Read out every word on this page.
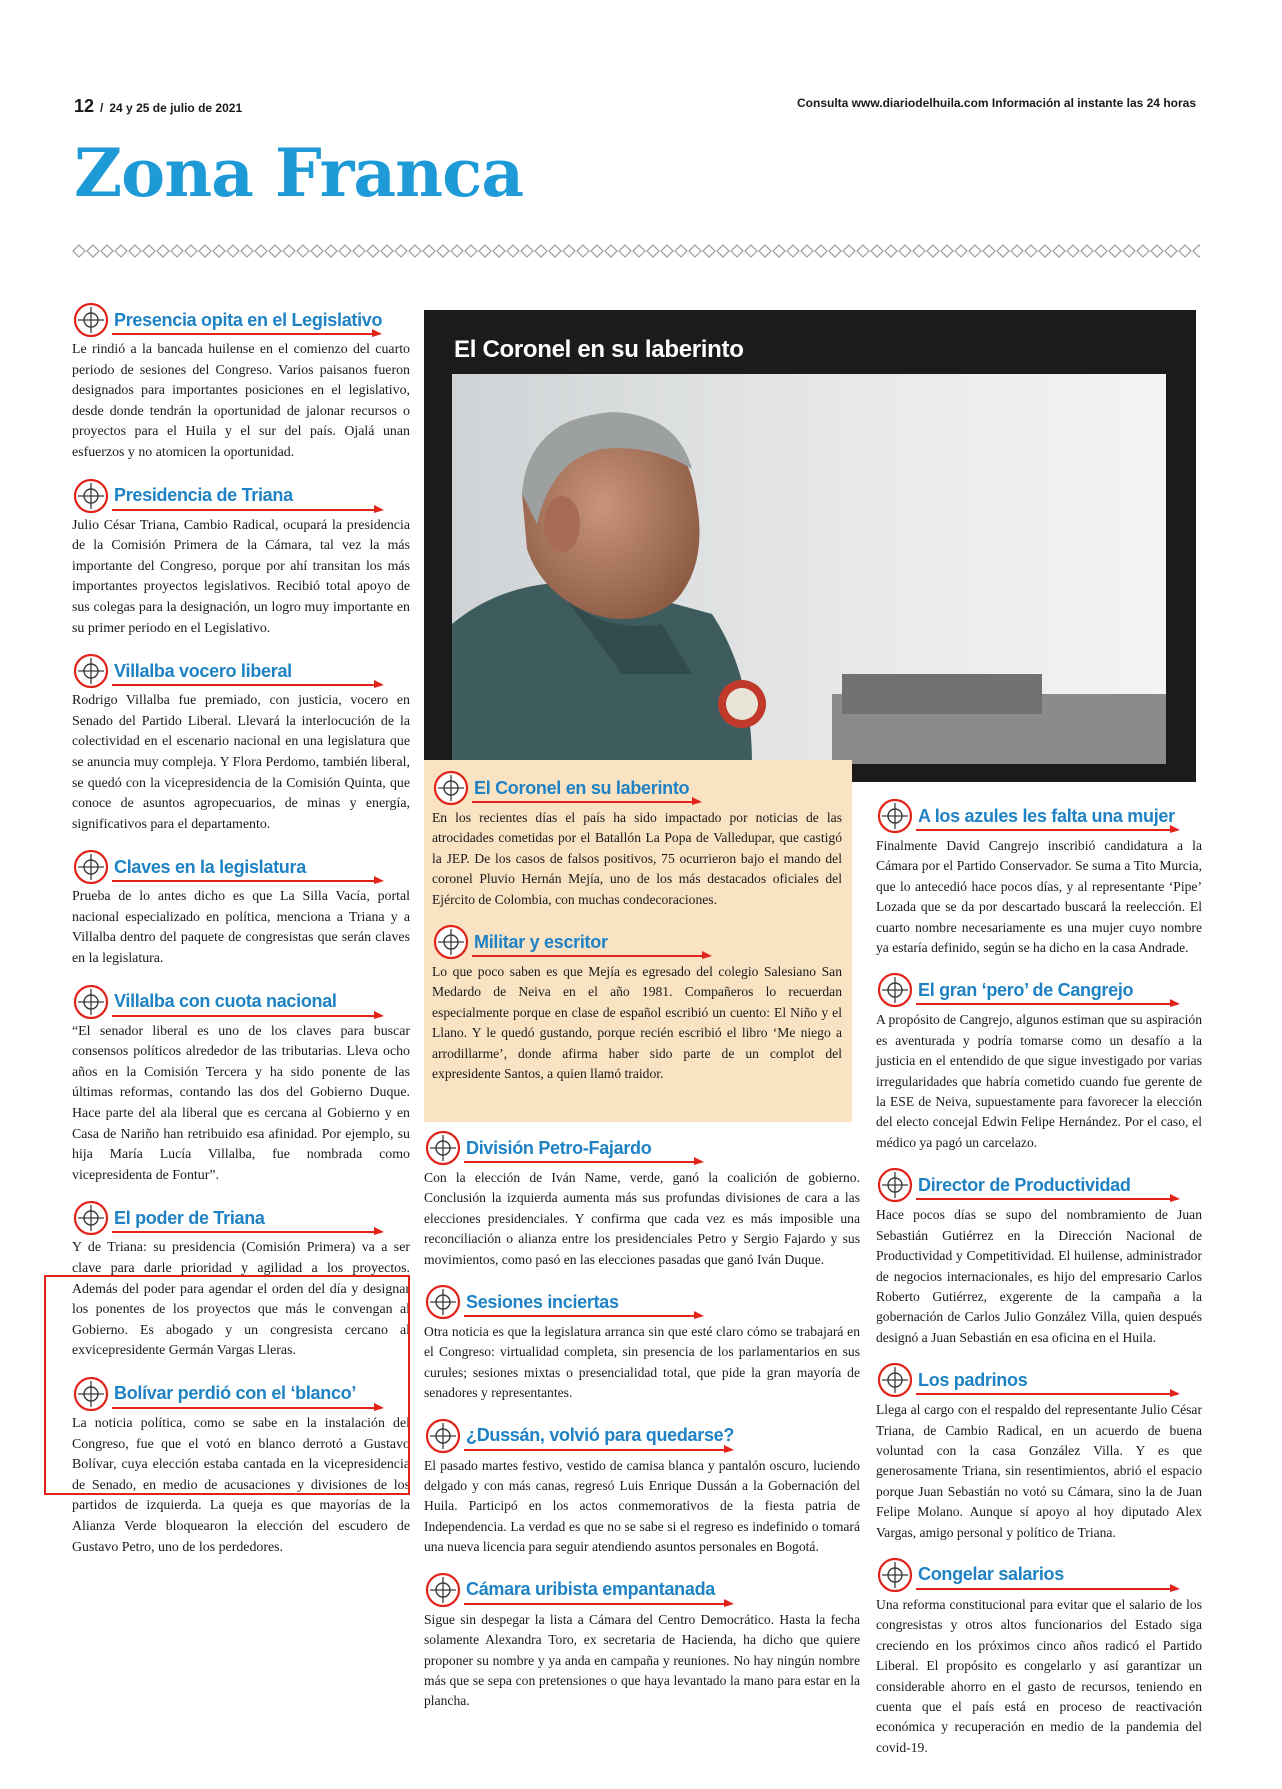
12 / 24 y 25 de julio de 2021	Consulta www.diariodelhuila.com Información al instante las 24 horas
Zona Franca
El Coronel en su laberinto
El Coronel en su laberinto

En los recientes días el país ha sido impactado por noticias de las atrocidades cometidas por el Batallón La Popa de Valledupar, que castigó la JEP. De los casos de falsos positivos, 75 ocurrieron bajo el mando del coronel Pluvio Hernán Mejía, uno de los más destacados oficiales del Ejército de Colombia, con muchas condecoraciones.

Militar y escritor

Lo que poco saben es que Mejía es egresado del colegio Salesiano San Medardo de Neiva en el año 1981. Compañeros lo recuerdan especialmente porque en clase de español escribió un cuento: El Niño y el Llano. Y le quedó gustando, porque recién escribió el libro ‘Me niego a arrodillarme’, donde afirma haber sido parte de un complot del expresidente Santos, a quien llamó traidor.

Presencia opita en el Legislativo

Le rindió a la bancada huilense en el comienzo del cuarto periodo de sesiones del Congreso. Varios paisanos fueron designados para importantes posiciones en el legislativo, desde donde tendrán la oportunidad de jalonar recursos o proyectos para el Huila y el sur del país. Ojalá unan esfuerzos y no atomicen la oportunidad.

Presidencia de Triana

Julio César Triana, Cambio Radical, ocupará la presidencia de la Comisión Primera de la Cámara, tal vez la más importante del Congreso, porque por ahí transitan los más importantes proyectos legislativos. Recibió total apoyo de sus colegas para la designación, un logro muy importante en su primer periodo en el Legislativo.

Villalba vocero liberal

Rodrigo Villalba fue premiado, con justicia, vocero en Senado del Partido Liberal. Llevará la interlocución de la colectividad en el escenario nacional en una legislatura que se anuncia muy compleja. Y Flora Perdomo, también liberal, se quedó con la vicepresidencia de la Comisión Quinta, que conoce de asuntos agropecuarios, de minas y energía, significativos para el departamento.

Claves en la legislatura

Prueba de lo antes dicho es que La Silla Vacía, portal nacional especializado en política, menciona a Triana y a Villalba dentro del paquete de congresistas que serán claves en la legislatura.

Villalba con cuota nacional

“El senador liberal es uno de los claves para buscar consensos políticos alrededor de las tributarias. Lleva ocho años en la Comisión Tercera y ha sido ponente de las últimas reformas, contando las dos del Gobierno Duque. Hace parte del ala liberal que es cercana al Gobierno y en Casa de Nariño han retribuido esa afinidad. Por ejemplo, su hija María Lucía Villalba, fue nombrada como vicepresidenta de Fontur”.

El poder de Triana

Y de Triana: su presidencia (Comisión Primera) va a ser clave para darle prioridad y agilidad a los proyectos. Además del poder para agendar el orden del día y designar los ponentes de los proyectos que más le convengan al Gobierno. Es abogado y un congresista cercano al exvicepresidente Germán Vargas Lleras.

Bolívar perdió con el ‘blanco’

La noticia política, como se sabe en la instalación del Congreso, fue que el votó en blanco derrotó a Gustavo Bolívar, cuya elección estaba cantada en la vicepresidencia de Senado, en medio de acusaciones y divisiones de los partidos de izquierda. La queja es que mayorías de la Alianza Verde bloquearon la elección del escudero de Gustavo Petro, uno de los perdedores.

División Petro-Fajardo

Con la elección de Iván Name, verde, ganó la coalición de gobierno. Conclusión la izquierda aumenta más sus profundas divisiones de cara a las elecciones presidenciales. Y confirma que cada vez es más imposible una reconciliación o alianza entre los presidenciales Petro y Sergio Fajardo y sus movimientos, como pasó en las elecciones pasadas que ganó Iván Duque.

Sesiones inciertas

Otra noticia es que la legislatura arranca sin que esté claro cómo se trabajará en el Congreso: virtualidad completa, sin presencia de los parlamentarios en sus curules; sesiones mixtas o presencialidad total, que pide la gran mayoría de senadores y representantes.

¿Dussán, volvió para quedarse?

El pasado martes festivo, vestido de camisa blanca y pantalón oscuro, luciendo delgado y con más canas, regresó Luis Enrique Dussán a la Gobernación del Huila. Participó en los actos conmemorativos de la fiesta patria de Independencia. La verdad es que no se sabe si el regreso es indefinido o tomará una nueva licencia para seguir atendiendo asuntos personales en Bogotá.

Cámara uribista empantanada

Sigue sin despegar la lista a Cámara del Centro Democrático. Hasta la fecha solamente Alexandra Toro, ex secretaria de Hacienda, ha dicho que quiere proponer su nombre y ya anda en campaña y reuniones. No hay ningún nombre más que se sepa con pretensiones o que haya levantado la mano para estar en la plancha.

A los azules les falta una mujer

Finalmente David Cangrejo inscribió candidatura a la Cámara por el Partido Conservador. Se suma a Tito Murcia, que lo antecedió hace pocos días, y al representante ‘Pipe’ Lozada que se da por descartado buscará la reelección. El cuarto nombre necesariamente es una mujer cuyo nombre ya estaría definido, según se ha dicho en la casa Andrade.

El gran ‘pero’ de Cangrejo

A propósito de Cangrejo, algunos estiman que su aspiración es aventurada y podría tomarse como un desafío a la justicia en el entendido de que sigue investigado por varias irregularidades que habría cometido cuando fue gerente de la ESE de Neiva, supuestamente para favorecer la elección del electo concejal Edwin Felipe Hernández. Por el caso, el médico ya pagó un carcelazo.

Director de Productividad

Hace pocos días se supo del nombramiento de Juan Sebastián Gutiérrez en la Dirección Nacional de Productividad y Competitividad. El huilense, administrador de negocios internacionales, es hijo del empresario Carlos Roberto Gutiérrez, exgerente de la campaña a la gobernación de Carlos Julio González Villa, quien después designó a Juan Sebastián en esa oficina en el Huila.

Los padrinos

Llega al cargo con el respaldo del representante Julio César Triana, de Cambio Radical, en un acuerdo de buena voluntad con la casa González Villa. Y es que generosamente Triana, sin resentimientos, abrió el espacio porque Juan Sebastián no votó su Cámara, sino la de Juan Felipe Molano. Aunque sí apoyo al hoy diputado Alex Vargas, amigo personal y político de Triana.

Congelar salarios

Una reforma constitucional para evitar que el salario de los congresistas y otros altos funcionarios del Estado siga creciendo en los próximos cinco años radicó el Partido Liberal. El propósito es congelarlo y así garantizar un considerable ahorro en el gasto de recursos, teniendo en cuenta que el país está en proceso de reactivación económica y recuperación en medio de la pandemia del covid-19.
